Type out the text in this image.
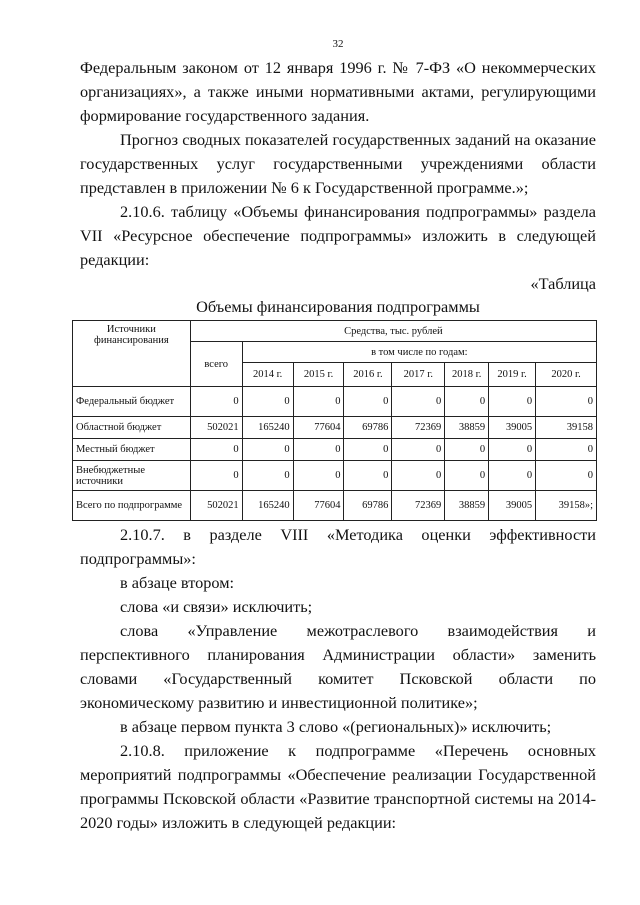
32

Федеральным законом от 12 января 1996 г. № 7-ФЗ «О некоммерческих организациях», а также иными нормативными актами, регулирующими формирование государственного задания.

Прогноз сводных показателей государственных заданий на оказание государственных услуг государственными учреждениями области представлен в приложении № 6 к Государственной программе.»;

2.10.6. таблицу «Объемы финансирования подпрограммы» раздела VII «Ресурсное обеспечение подпрограммы» изложить в следующей редакции:

«Таблица

Объемы финансирования подпрограммы
Источники финансирования	Средства, тыс. рублей							
	всего	в том числе по годам:						
		2014 г.	2015 г.	2016 г.	2017 г.	2018 г.	2019 г.	2020 г.
Федеральный бюджет	0	0	0	0	0	0	0	0
Областной бюджет	502021	165240	77604	69786	72369	38859	39005	39158
Местный бюджет	0	0	0	0	0	0	0	0
Внебюджетные источники	0	0	0	0	0	0	0	0
Всего по подпрограмме	502021	165240	77604	69786	72369	38859	39005	39158»;

2.10.7. в разделе VIII «Методика оценки эффективности подпрограммы»:

в абзаце втором:

слова «и связи» исключить;

слова «Управление межотраслевого взаимодействия и перспективного планирования Администрации области» заменить словами «Государственный комитет Псковской области по экономическому развитию и инвестиционной политике»;

в абзаце первом пункта 3 слово «(региональных)» исключить;

2.10.8. приложение к подпрограмме «Перечень основных мероприятий подпрограммы «Обеспечение реализации Государственной программы Псковской области «Развитие транспортной системы на 2014-2020 годы» изложить в следующей редакции:
